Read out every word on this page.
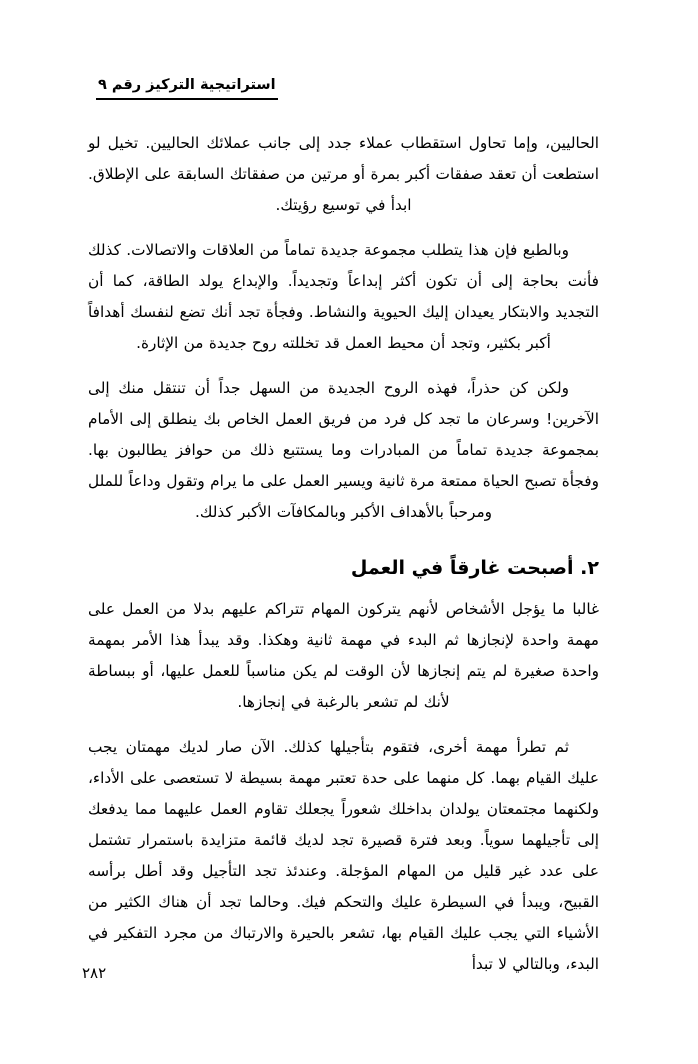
استراتيجية التركيز رقم ٩

الحاليين، وإما تحاول استقطاب عملاء جدد إلى جانب عملائك الحاليين. تخيل لو استطعت أن تعقد صفقات أكبر بمرة أو مرتين من صفقاتك السابقة على الإطلاق. ابدأ في توسيع رؤيتك.

وبالطبع فإن هذا يتطلب مجموعة جديدة تماماً من العلاقات والاتصالات. كذلك فأنت بحاجة إلى أن تكون أكثر إبداعاً وتجديداً. والإبداع يولد الطاقة، كما أن التجديد والابتكار يعيدان إليك الحيوية والنشاط. وفجأة تجد أنك تضع لنفسك أهدافاً أكبر بكثير، وتجد أن محيط العمل قد تخللته روح جديدة من الإثارة.

ولكن كن حذراً، فهذه الروح الجديدة من السهل جداً أن تنتقل منك إلى الآخرين! وسرعان ما تجد كل فرد من فريق العمل الخاص بك ينطلق إلى الأمام بمجموعة جديدة تماماً من المبادرات وما يستتبع ذلك من حوافز يطالبون بها. وفجأة تصبح الحياة ممتعة مرة ثانية ويسير العمل على ما يرام وتقول وداعاً للملل ومرحباً بالأهداف الأكبر وبالمكافآت الأكبر كذلك.

٢. أصبحت غارقاً في العمل

غالبا ما يؤجل الأشخاص لأنهم يتركون المهام تتراكم عليهم بدلا من العمل على مهمة واحدة لإنجازها ثم البدء في مهمة ثانية وهكذا. وقد يبدأ هذا الأمر بمهمة واحدة صغيرة لم يتم إنجازها لأن الوقت لم يكن مناسباً للعمل عليها، أو ببساطة لأنك لم تشعر بالرغبة في إنجازها.

ثم تطرأ مهمة أخرى، فتقوم بتأجيلها كذلك. الآن صار لديك مهمتان يجب عليك القيام بهما. كل منهما على حدة تعتبر مهمة بسيطة لا تستعصى على الأداء، ولكنهما مجتمعتان يولدان بداخلك شعوراً يجعلك تقاوم العمل عليهما مما يدفعك إلى تأجيلهما سوياً. وبعد فترة قصيرة تجد لديك قائمة متزايدة باستمرار تشتمل على عدد غير قليل من المهام المؤجلة. وعندئذ تجد التأجيل وقد أطل برأسه القبيح، ويبدأ في السيطرة عليك والتحكم فيك. وحالما تجد أن هناك الكثير من الأشياء التي يجب عليك القيام بها، تشعر بالحيرة والارتباك من مجرد التفكير في البدء، وبالتالي لا تبدأ

٢٨٢
